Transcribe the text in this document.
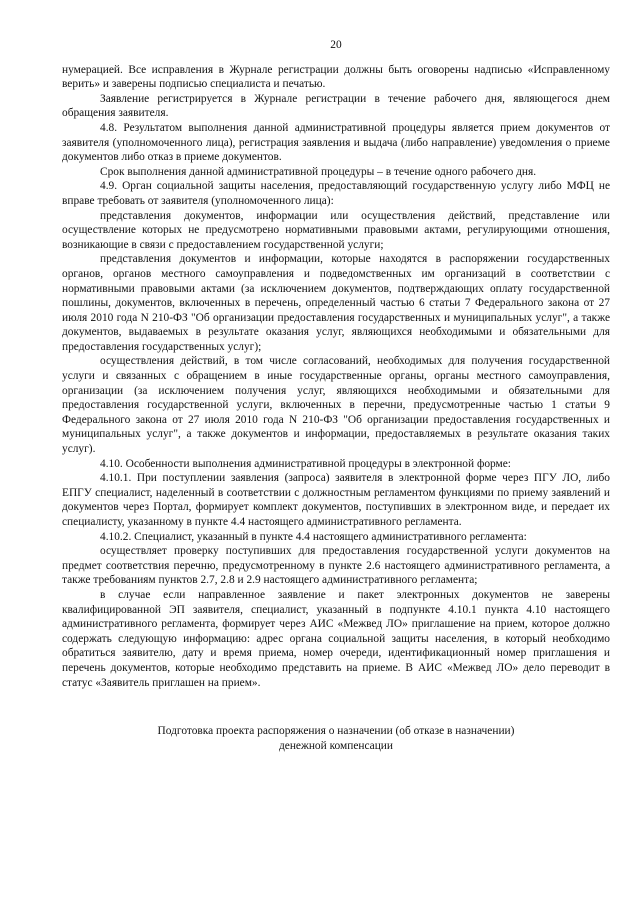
20

нумерацией. Все исправления в Журнале регистрации должны быть оговорены надписью «Исправленному верить» и заверены подписью специалиста и печатью.

Заявление регистрируется в Журнале регистрации в течение рабочего дня, являющегося днем обращения заявителя.

4.8. Результатом выполнения данной административной процедуры является прием документов от заявителя (уполномоченного лица), регистрация заявления и выдача (либо направление) уведомления о приеме документов либо отказ в приеме документов.

Срок выполнения данной административной процедуры – в течение одного рабочего дня.

4.9. Орган социальной защиты населения, предоставляющий государственную услугу либо МФЦ не вправе требовать от заявителя (уполномоченного лица):

представления документов, информации или осуществления действий, представление или осуществление которых не предусмотрено нормативными правовыми актами, регулирующими отношения, возникающие в связи с предоставлением государственной услуги;

представления документов и информации, которые находятся в распоряжении государственных органов, органов местного самоуправления и подведомственных им организаций в соответствии с нормативными правовыми актами (за исключением документов, подтверждающих оплату государственной пошлины, документов, включенных в перечень, определенный частью 6 статьи 7 Федерального закона от 27 июля 2010 года N 210-ФЗ "Об организации предоставления государственных и муниципальных услуг", а также документов, выдаваемых в результате оказания услуг, являющихся необходимыми и обязательными для предоставления государственных услуг);

осуществления действий, в том числе согласований, необходимых для получения государственной услуги и связанных с обращением в иные государственные органы, органы местного самоуправления, организации (за исключением получения услуг, являющихся необходимыми и обязательными для предоставления государственной услуги, включенных в перечни, предусмотренные частью 1 статьи 9 Федерального закона от 27 июля 2010 года N 210-ФЗ "Об организации предоставления государственных и муниципальных услуг", а также документов и информации, предоставляемых в результате оказания таких услуг).

4.10. Особенности выполнения административной процедуры в электронной форме:

4.10.1. При поступлении заявления (запроса) заявителя в электронной форме через ПГУ ЛО, либо ЕПГУ специалист, наделенный в соответствии с должностным регламентом функциями по приему заявлений и документов через Портал, формирует комплект документов, поступивших в электронном виде, и передает их специалисту, указанному в пункте 4.4 настоящего административного регламента.

4.10.2. Специалист, указанный в пункте 4.4 настоящего административного регламента:

осуществляет проверку поступивших для предоставления государственной услуги документов на предмет соответствия перечню, предусмотренному в пункте 2.6 настоящего административного регламента, а также требованиям пунктов 2.7, 2.8 и 2.9 настоящего административного регламента;

в случае если направленное заявление и пакет электронных документов не заверены квалифицированной ЭП заявителя, специалист, указанный в подпункте 4.10.1 пункта 4.10 настоящего административного регламента, формирует через АИС «Межвед ЛО» приглашение на прием, которое должно содержать следующую информацию: адрес органа социальной защиты населения, в который необходимо обратиться заявителю, дату и время приема, номер очереди, идентификационный номер приглашения и перечень документов, которые необходимо представить на приеме. В АИС «Межвед ЛО» дело переводит в статус «Заявитель приглашен на прием».

Подготовка проекта распоряжения о назначении (об отказе в назначении)
денежной компенсации
